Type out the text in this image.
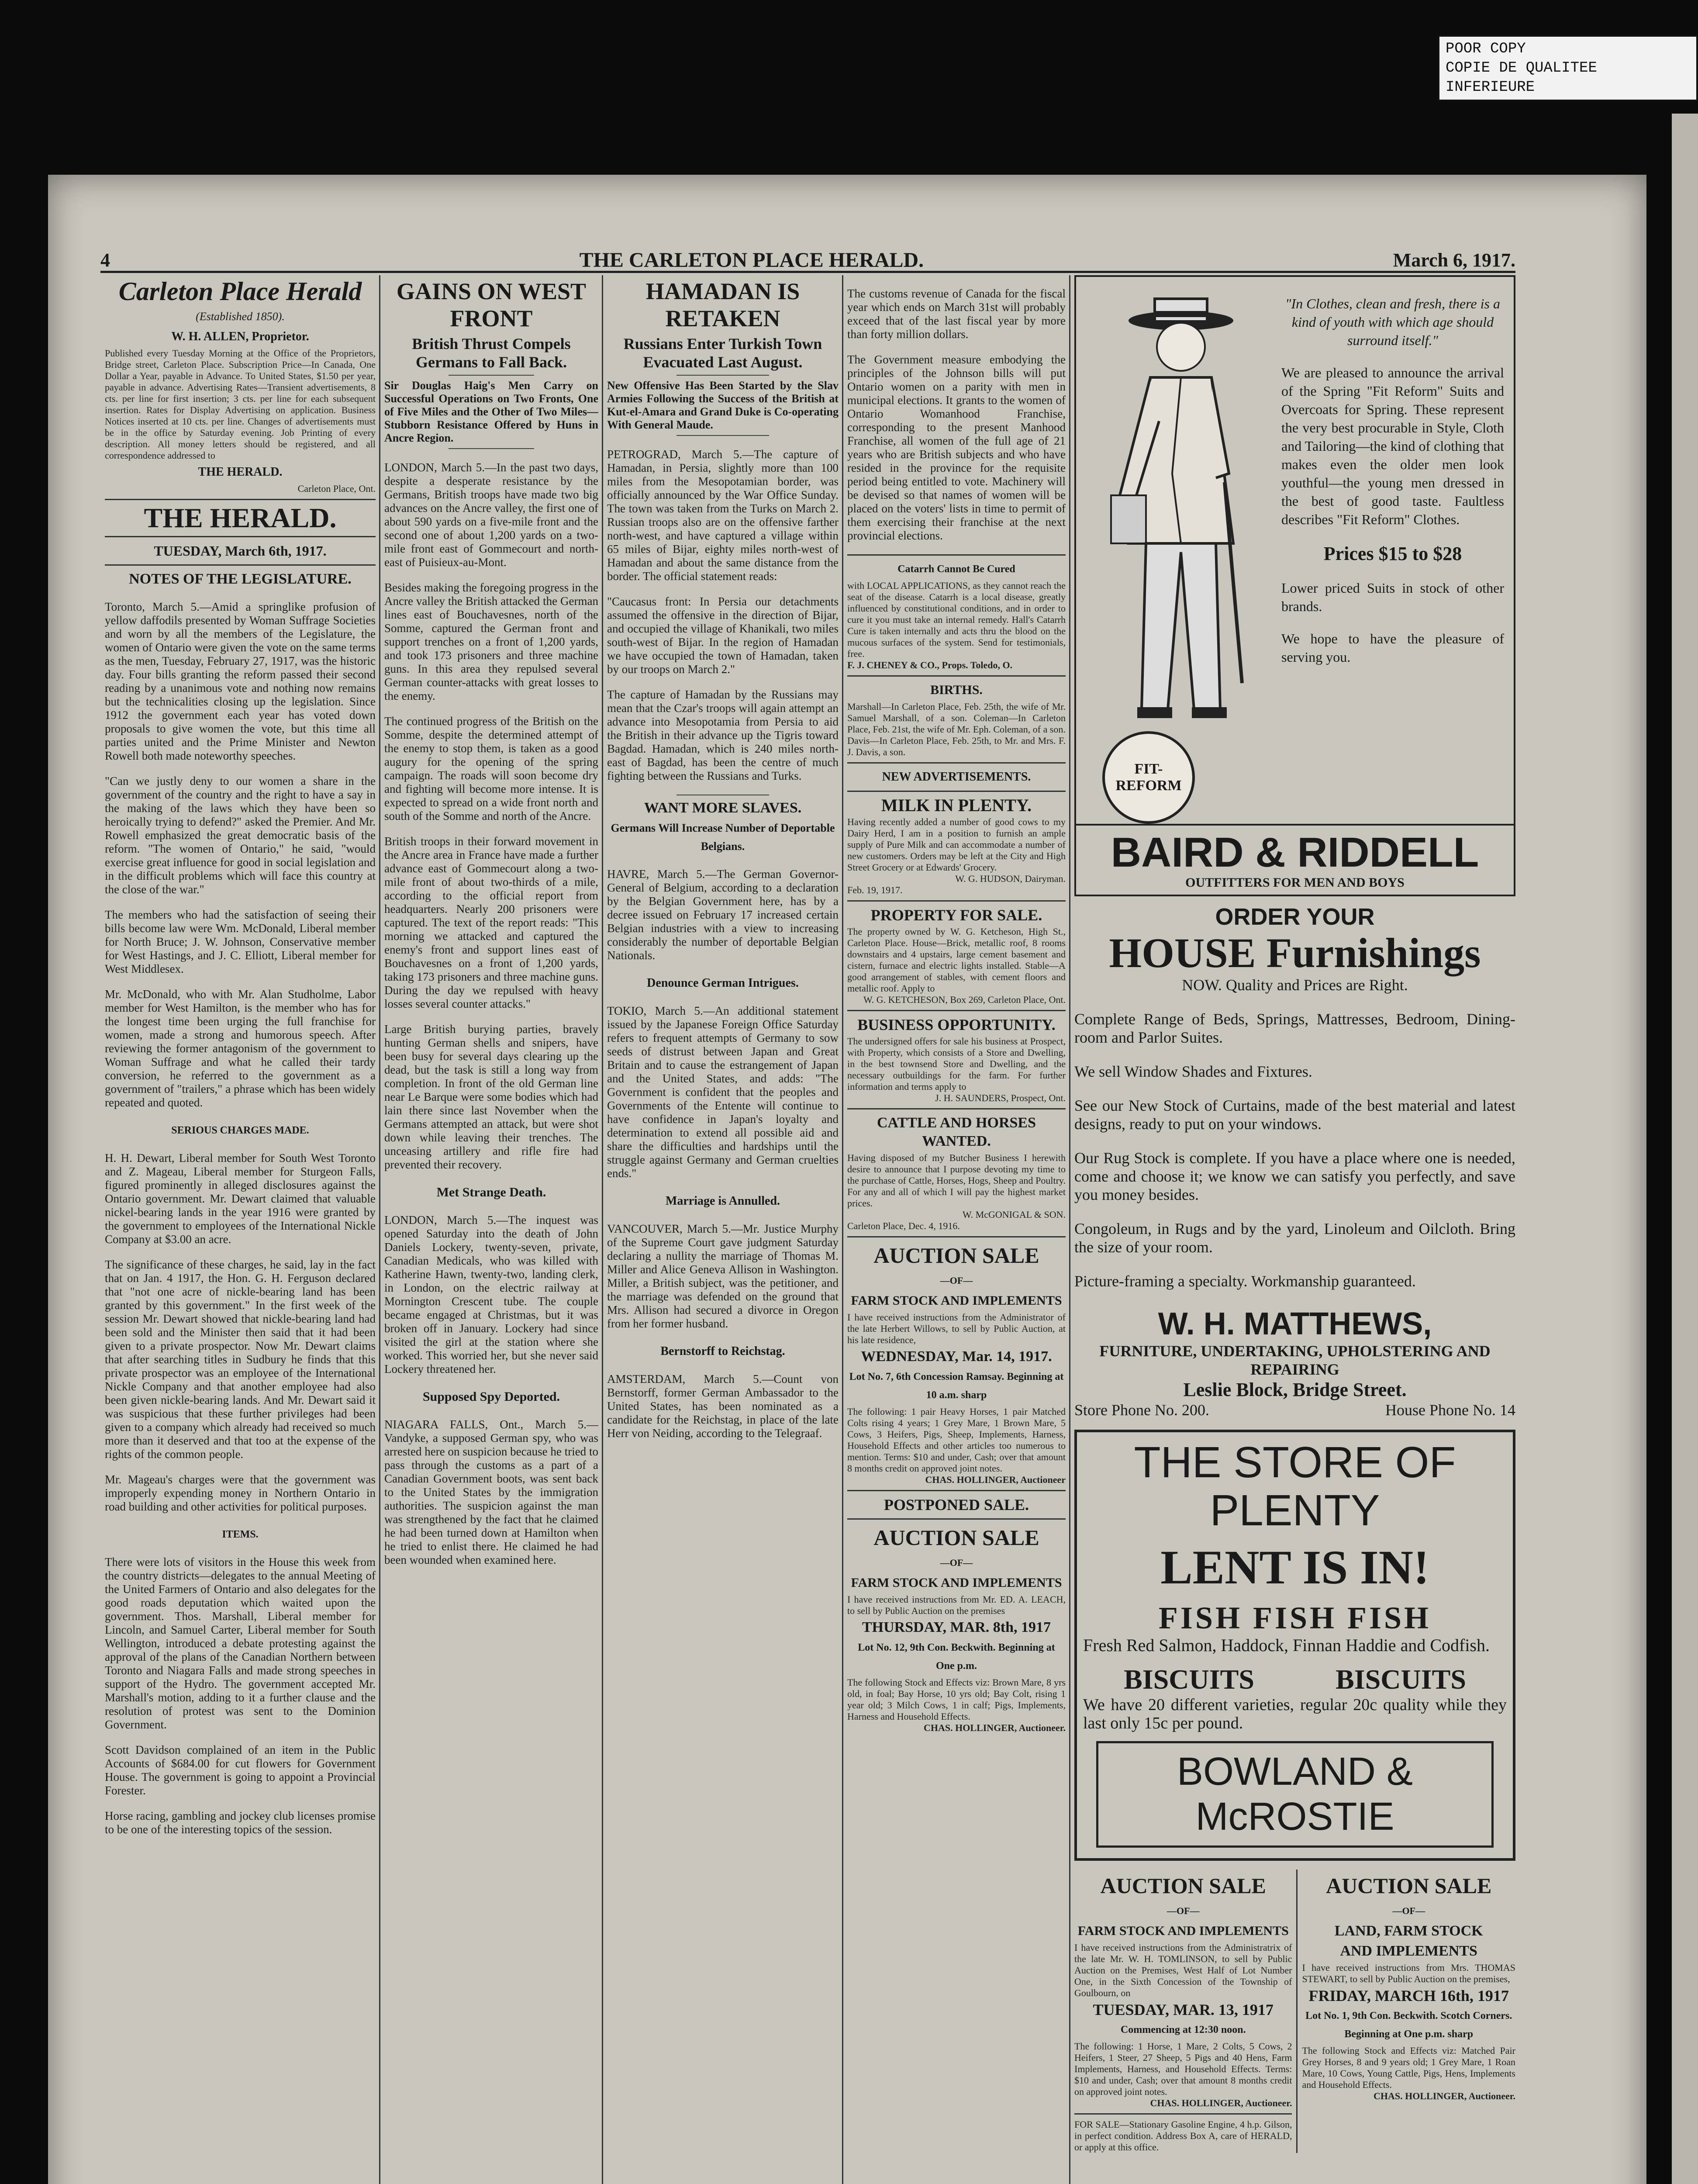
POOR COPY
COPIE DE QUALITEE INFERIEURE
4	THE CARLETON PLACE HERALD.	March 6, 1917.
Carleton Place Herald
(Established 1850).
W. H. ALLEN, Proprietor.
Published every Tuesday Morning at the Office of the Proprietors, Bridge street, Carleton Place. Subscription Price—In Canada, One Dollar a Year, payable in Advance. To United States, $1.50 per year, payable in advance. Advertising Rates—Transient advertisements, 8 cts. per line for first insertion; 3 cts. per line for each subsequent insertion. Rates for Display Advertising on application. Business Notices inserted at 10 cts. per line. Changes of advertisements must be in the office by Saturday evening. Job Printing of every description. All money letters should be registered, and all correspondence addressed to
THE HERALD.
Carleton Place, Ont.
THE HERALD.
TUESDAY, March 6th, 1917.
NOTES OF THE LEGISLATURE.

Toronto, March 5.—Amid a springlike profusion of yellow daffodils presented by Woman Suffrage Societies and worn by all the members of the Legislature, the women of Ontario were given the vote on the same terms as the men, Tuesday, February 27, 1917, was the historic day. Four bills granting the reform passed their second reading by a unanimous vote and nothing now remains but the technicalities closing up the legislation. Since 1912 the government each year has voted down proposals to give women the vote, but this time all parties united and the Prime Minister and Newton Rowell both made noteworthy speeches.

"Can we justly deny to our women a share in the government of the country and the right to have a say in the making of the laws which they have been so heroically trying to defend?" asked the Premier. And Mr. Rowell emphasized the great democratic basis of the reform. "The women of Ontario," he said, "would exercise great influence for good in social legislation and in the difficult problems which will face this country at the close of the war."

The members who had the satisfaction of seeing their bills become law were Wm. McDonald, Liberal member for North Bruce; J. W. Johnson, Conservative member for West Hastings, and J. C. Elliott, Liberal member for West Middlesex.

Mr. McDonald, who with Mr. Alan Studholme, Labor member for West Hamilton, is the member who has for the longest time been urging the full franchise for women, made a strong and humorous speech. After reviewing the former antagonism of the government to Woman Suffrage and what he called their tardy conversion, he referred to the government as a government of "trailers," a phrase which has been widely repeated and quoted.

SERIOUS CHARGES MADE.

H. H. Dewart, Liberal member for South West Toronto and Z. Mageau, Liberal member for Sturgeon Falls, figured prominently in alleged disclosures against the Ontario government. Mr. Dewart claimed that valuable nickel-bearing lands in the year 1916 were granted by the government to employees of the International Nickle Company at $3.00 an acre.

The significance of these charges, he said, lay in the fact that on Jan. 4 1917, the Hon. G. H. Ferguson declared that "not one acre of nickle-bearing land has been granted by this government." In the first week of the session Mr. Dewart showed that nickle-bearing land had been sold and the Minister then said that it had been given to a private prospector. Now Mr. Dewart claims that after searching titles in Sudbury he finds that this private prospector was an employee of the International Nickle Company and that another employee had also been given nickle-bearing lands. And Mr. Dewart said it was suspicious that these further privileges had been given to a company which already had received so much more than it deserved and that too at the expense of the rights of the common people.

Mr. Mageau's charges were that the government was improperly expending money in Northern Ontario in road building and other activities for political purposes.

ITEMS.

There were lots of visitors in the House this week from the country districts—delegates to the annual Meeting of the United Farmers of Ontario and also delegates for the good roads deputation which waited upon the government. Thos. Marshall, Liberal member for Lincoln, and Samuel Carter, Liberal member for South Wellington, introduced a debate protesting against the approval of the plans of the Canadian Northern between Toronto and Niagara Falls and made strong speeches in support of the Hydro. The government accepted Mr. Marshall's motion, adding to it a further clause and the resolution of protest was sent to the Dominion Government.

Scott Davidson complained of an item in the Public Accounts of $684.00 for cut flowers for Government House. The government is going to appoint a Provincial Forester.

Horse racing, gambling and jockey club licenses promise to be one of the interesting topics of the session.

GAINS ON WEST FRONT
British Thrust Compels Germans to Fall Back.
Sir Douglas Haig's Men Carry on Successful Operations on Two Fronts, One of Five Miles and the Other of Two Miles—Stubborn Resistance Offered by Huns in Ancre Region.

LONDON, March 5.—In the past two days, despite a desperate resistance by the Germans, British troops have made two big advances on the Ancre valley, the first one of about 590 yards on a five-mile front and the second one of about 1,200 yards on a two-mile front east of Gommecourt and north-east of Puisieux-au-Mont.

Besides making the foregoing progress in the Ancre valley the British attacked the German lines east of Bouchavesnes, north of the Somme, captured the German front and support trenches on a front of 1,200 yards, and took 173 prisoners and three machine guns. In this area they repulsed several German counter-attacks with great losses to the enemy.

The continued progress of the British on the Somme, despite the determined attempt of the enemy to stop them, is taken as a good augury for the opening of the spring campaign. The roads will soon become dry and fighting will become more intense. It is expected to spread on a wide front north and south of the Somme and north of the Ancre.

British troops in their forward movement in the Ancre area in France have made a further advance east of Gommecourt along a two-mile front of about two-thirds of a mile, according to the official report from headquarters. Nearly 200 prisoners were captured. The text of the report reads: "This morning we attacked and captured the enemy's front and support lines east of Bouchavesnes on a front of 1,200 yards, taking 173 prisoners and three machine guns. During the day we repulsed with heavy losses several counter attacks."

Large British burying parties, bravely hunting German shells and snipers, have been busy for several days clearing up the dead, but the task is still a long way from completion. In front of the old German line near Le Barque were some bodies which had lain there since last November when the Germans attempted an attack, but were shot down while leaving their trenches. The unceasing artillery and rifle fire had prevented their recovery.

Met Strange Death.

LONDON, March 5.—The inquest was opened Saturday into the death of John Daniels Lockery, twenty-seven, private, Canadian Medicals, who was killed with Katherine Hawn, twenty-two, landing clerk, in London, on the electric railway at Mornington Crescent tube. The couple became engaged at Christmas, but it was broken off in January. Lockery had since visited the girl at the station where she worked. This worried her, but she never said Lockery threatened her.

Supposed Spy Deported.

NIAGARA FALLS, Ont., March 5.—Vandyke, a supposed German spy, who was arrested here on suspicion because he tried to pass through the customs as a part of a Canadian Government boots, was sent back to the United States by the immigration authorities. The suspicion against the man was strengthened by the fact that he claimed he had been turned down at Hamilton when he tried to enlist there. He claimed he had been wounded when examined here.

HAMADAN IS RETAKEN
Russians Enter Turkish Town Evacuated Last August.
New Offensive Has Been Started by the Slav Armies Following the Success of the British at Kut-el-Amara and Grand Duke is Co-operating With General Maude.

PETROGRAD, March 5.—The capture of Hamadan, in Persia, slightly more than 100 miles from the Mesopotamian border, was officially announced by the War Office Sunday. The town was taken from the Turks on March 2. Russian troops also are on the offensive farther north-west, and have captured a village within 65 miles of Bijar, eighty miles north-west of Hamadan and about the same distance from the border. The official statement reads:

"Caucasus front: In Persia our detachments assumed the offensive in the direction of Bijar, and occupied the village of Khanikali, two miles south-west of Bijar. In the region of Hamadan we have occupied the town of Hamadan, taken by our troops on March 2."

The capture of Hamadan by the Russians may mean that the Czar's troops will again attempt an advance into Mesopotamia from Persia to aid the British in their advance up the Tigris toward Bagdad. Hamadan, which is 240 miles north-east of Bagdad, has been the centre of much fighting between the Russians and Turks.

WANT MORE SLAVES.
Germans Will Increase Number of Deportable Belgians.

HAVRE, March 5.—The German Governor-General of Belgium, according to a declaration by the Belgian Government here, has by a decree issued on February 17 increased certain Belgian industries with a view to increasing considerably the number of deportable Belgian Nationals.

Denounce German Intrigues.

TOKIO, March 5.—An additional statement issued by the Japanese Foreign Office Saturday refers to frequent attempts of Germany to sow seeds of distrust between Japan and Great Britain and to cause the estrangement of Japan and the United States, and adds: "The Government is confident that the peoples and Governments of the Entente will continue to have confidence in Japan's loyalty and determination to extend all possible aid and share the difficulties and hardships until the struggle against Germany and German cruelties ends."

Marriage is Annulled.

VANCOUVER, March 5.—Mr. Justice Murphy of the Supreme Court gave judgment Saturday declaring a nullity the marriage of Thomas M. Miller and Alice Geneva Allison in Washington. Miller, a British subject, was the petitioner, and the marriage was defended on the ground that Mrs. Allison had secured a divorce in Oregon from her former husband.

Bernstorff to Reichstag.

AMSTERDAM, March 5.—Count von Bernstorff, former German Ambassador to the United States, has been nominated as a candidate for the Reichstag, in place of the late Herr von Neiding, according to the Telegraaf.

The customs revenue of Canada for the fiscal year which ends on March 31st will probably exceed that of the last fiscal year by more than forty million dollars.

The Government measure embodying the principles of the Johnson bills will put Ontario women on a parity with men in municipal elections. It grants to the women of Ontario Womanhood Franchise, corresponding to the present Manhood Franchise, all women of the full age of 21 years who are British subjects and who have resided in the province for the requisite period being entitled to vote. Machinery will be devised so that names of women will be placed on the voters' lists in time to permit of them exercising their franchise at the next provincial elections.

Catarrh Cannot Be Cured
with LOCAL APPLICATIONS, as they cannot reach the seat of the disease. Catarrh is a local disease, greatly influenced by constitutional conditions, and in order to cure it you must take an internal remedy. Hall's Catarrh Cure is taken internally and acts thru the blood on the mucous surfaces of the system. Send for testimonials, free.
F. J. CHENEY & CO., Props. Toledo, O.
BIRTHS.
Marshall—In Carleton Place, Feb. 25th, the wife of Mr. Samuel Marshall, of a son. Coleman—In Carleton Place, Feb. 21st, the wife of Mr. Eph. Coleman, of a son. Davis—In Carleton Place, Feb. 25th, to Mr. and Mrs. F. J. Davis, a son.
NEW ADVERTISEMENTS.
MILK IN PLENTY.
Having recently added a number of good cows to my Dairy Herd, I am in a position to furnish an ample supply of Pure Milk and can accommodate a number of new customers. Orders may be left at the City and High Street Grocery or at Edwards' Grocery.
W. G. HUDSON, Dairyman.
Feb. 19, 1917.
PROPERTY FOR SALE.
The property owned by W. G. Ketcheson, High St., Carleton Place. House—Brick, metallic roof, 8 rooms downstairs and 4 upstairs, large cement basement and cistern, furnace and electric lights installed. Stable—A good arrangement of stables, with cement floors and metallic roof. Apply to
W. G. KETCHESON, Box 269, Carleton Place, Ont.
BUSINESS OPPORTUNITY.
The undersigned offers for sale his business at Prospect, with Property, which consists of a Store and Dwelling, in the best townsend Store and Dwelling, and the necessary outbuildings for the farm. For further information and terms apply to
J. H. SAUNDERS, Prospect, Ont.
CATTLE AND HORSES WANTED.
Having disposed of my Butcher Business I herewith desire to announce that I purpose devoting my time to the purchase of Cattle, Horses, Hogs, Sheep and Poultry. For any and all of which I will pay the highest market prices.
W. McGONIGAL & SON.
Carleton Place, Dec. 4, 1916.
AUCTION SALE
—OF—
FARM STOCK AND IMPLEMENTS
I have received instructions from the Administrator of the late Herbert Willows, to sell by Public Auction, at his late residence,
WEDNESDAY, Mar. 14, 1917.
Lot No. 7, 6th Concession Ramsay. Beginning at 10 a.m. sharp
The following: 1 pair Heavy Horses, 1 pair Matched Colts rising 4 years; 1 Grey Mare, 1 Brown Mare, 5 Cows, 3 Heifers, Pigs, Sheep, Implements, Harness, Household Effects and other articles too numerous to mention. Terms: $10 and under, Cash; over that amount 8 months credit on approved joint notes.
CHAS. HOLLINGER, Auctioneer
POSTPONED SALE.
AUCTION SALE
—OF—
FARM STOCK AND IMPLEMENTS
I have received instructions from Mr. ED. A. LEACH, to sell by Public Auction on the premises
THURSDAY, MAR. 8th, 1917
Lot No. 12, 9th Con. Beckwith. Beginning at One p.m.
The following Stock and Effects viz: Brown Mare, 8 yrs old, in foal; Bay Horse, 10 yrs old; Bay Colt, rising 1 year old; 3 Milch Cows, 1 in calf; Pigs, Implements, Harness and Household Effects.
CHAS. HOLLINGER, Auctioneer.
FIT-
REFORM
"In Clothes, clean and fresh, there is a kind of youth with which age should surround itself."

We are pleased to announce the arrival of the Spring "Fit Reform" Suits and Overcoats for Spring. These represent the very best procurable in Style, Cloth and Tailoring—the kind of clothing that makes even the older men look youthful—the young men dressed in the best of good taste. Faultless describes "Fit Reform" Clothes.

Prices $15 to $28

Lower priced Suits in stock of other brands.

We hope to have the pleasure of serving you.

BAIRD & RIDDELL
OUTFITTERS FOR MEN AND BOYS
ORDER YOUR
HOUSE Furnishings
NOW. Quality and Prices are Right.

Complete Range of Beds, Springs, Mattresses, Bedroom, Dining-room and Parlor Suites.

We sell Window Shades and Fixtures.

See our New Stock of Curtains, made of the best material and latest designs, ready to put on your windows.

Our Rug Stock is complete. If you have a place where one is needed, come and choose it; we know we can satisfy you perfectly, and save you money besides.

Congoleum, in Rugs and by the yard, Linoleum and Oilcloth. Bring the size of your room.

Picture-framing a specialty. Workmanship guaranteed.

W. H. MATTHEWS,
FURNITURE, UNDERTAKING, UPHOLSTERING AND REPAIRING
Leslie Block, Bridge Street.
Store Phone No. 200.	House Phone No. 14
THE STORE OF PLENTY
LENT IS IN!
FISH FISH FISH
Fresh Red Salmon, Haddock, Finnan Haddie and Codfish.
BISCUITS	BISCUITS
We have 20 different varieties, regular 20c quality while they last only 15c per pound.
BOWLAND & McROSTIE
AUCTION SALE
—OF—
FARM STOCK AND IMPLEMENTS
I have received instructions from the Administratrix of the late Mr. W. H. TOMLINSON, to sell by Public Auction on the Premises, West Half of Lot Number One, in the Sixth Concession of the Township of Goulbourn, on
TUESDAY, MAR. 13, 1917
Commencing at 12:30 noon.
The following: 1 Horse, 1 Mare, 2 Colts, 5 Cows, 2 Heifers, 1 Steer, 27 Sheep, 5 Pigs and 40 Hens, Farm Implements, Harness, and Household Effects. Terms: $10 and under, Cash; over that amount 8 months credit on approved joint notes.
CHAS. HOLLINGER, Auctioneer.
FOR SALE—Stationary Gasoline Engine, 4 h.p. Gilson, in perfect condition. Address Box A, care of HERALD, or apply at this office.
AUCTION SALE
—OF—
LAND, FARM STOCK
AND IMPLEMENTS
I have received instructions from Mrs. THOMAS STEWART, to sell by Public Auction on the premises,
FRIDAY, MARCH 16th, 1917
Lot No. 1, 9th Con. Beckwith. Scotch Corners. Beginning at One p.m. sharp
The following Stock and Effects viz: Matched Pair Grey Horses, 8 and 9 years old; 1 Grey Mare, 1 Roan Mare, 10 Cows, Young Cattle, Pigs, Hens, Implements and Household Effects.
CHAS. HOLLINGER, Auctioneer.
